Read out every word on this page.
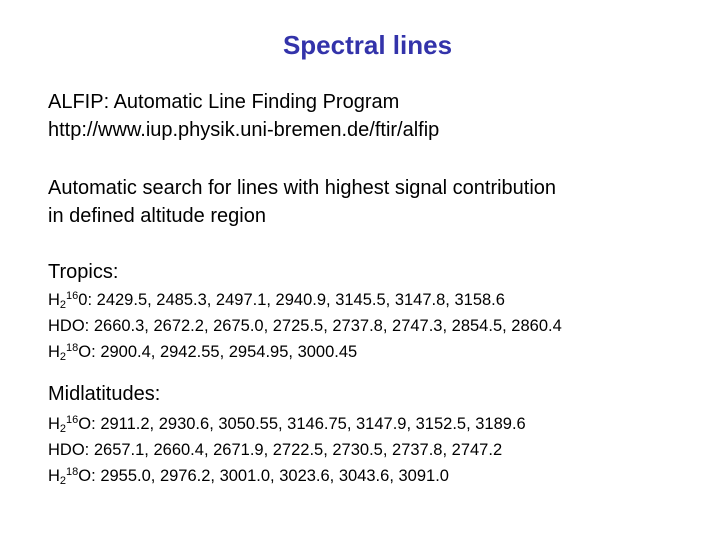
Spectral lines
ALFIP: Automatic Line Finding Program
http://www.iup.physik.uni-bremen.de/ftir/alfip
Automatic search for lines with highest signal contribution
in defined altitude region
Tropics:
$H_2^{16}0$: 2429.5, 2485.3, 2497.1, 2940.9, 3145.5, 3147.8, 3158.6
HDO: 2660.3, 2672.2, 2675.0, 2725.5, 2737.8, 2747.3, 2854.5, 2860.4
$H_2^{18}O$: 2900.4, 2942.55, 2954.95, 3000.45
Midlatitudes:
$H_2^{16}O$: 2911.2, 2930.6, 3050.55, 3146.75, 3147.9, 3152.5, 3189.6
HDO: 2657.1, 2660.4, 2671.9, 2722.5, 2730.5, 2737.8, 2747.2
$H_2^{18}O$: 2955.0, 2976.2, 3001.0, 3023.6, 3043.6, 3091.0
